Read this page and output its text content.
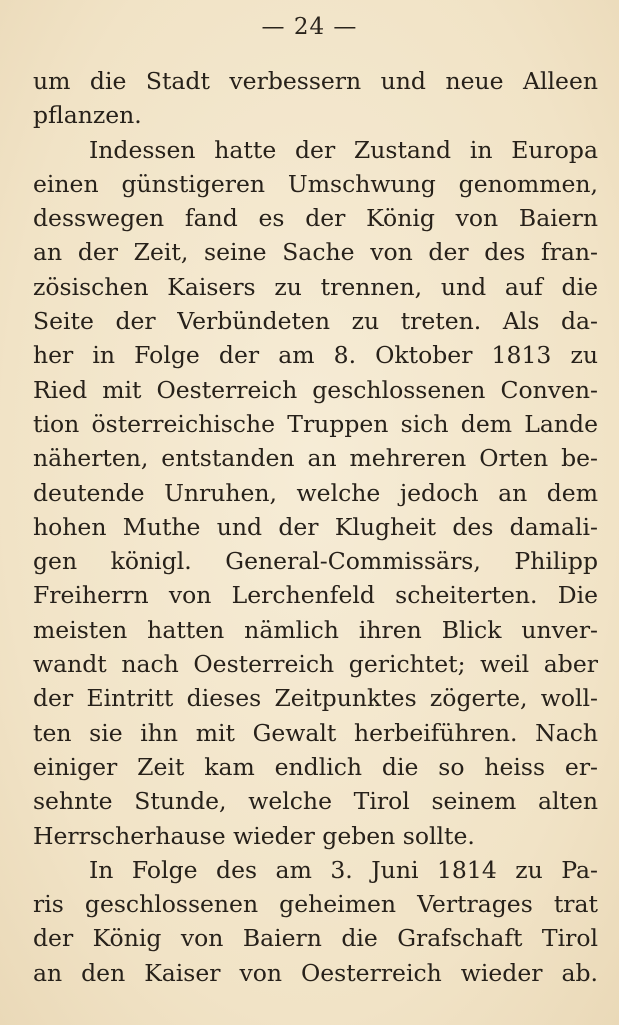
— 24 —
um die Stadt verbessern und neue Alleen
pflanzen.
Indessen hatte der Zustand in Europa
einen günstigeren Umschwung genommen,
desswegen fand es der König von Baiern
an der Zeit, seine Sache von der des fran-
zösischen Kaisers zu trennen, und auf die
Seite der Verbündeten zu treten. Als da-
her in Folge der am 8. Oktober 1813 zu
Ried mit Oesterreich geschlossenen Conven-
tion österreichische Truppen sich dem Lande
näherten, entstanden an mehreren Orten be-
deutende Unruhen, welche jedoch an dem
hohen Muthe und der Klugheit des damali-
gen königl. General-Commissärs, Philipp
Freiherrn von Lerchenfeld scheiterten. Die
meisten hatten nämlich ihren Blick unver-
wandt nach Oesterreich gerichtet; weil aber
der Eintritt dieses Zeitpunktes zögerte, woll-
ten sie ihn mit Gewalt herbeiführen. Nach
einiger Zeit kam endlich die so heiss er-
sehnte Stunde, welche Tirol seinem alten
Herrscherhause wieder geben sollte.
In Folge des am 3. Juni 1814 zu Pa-
ris geschlossenen geheimen Vertrages trat
der König von Baiern die Grafschaft Tirol
an den Kaiser von Oesterreich wieder ab.
